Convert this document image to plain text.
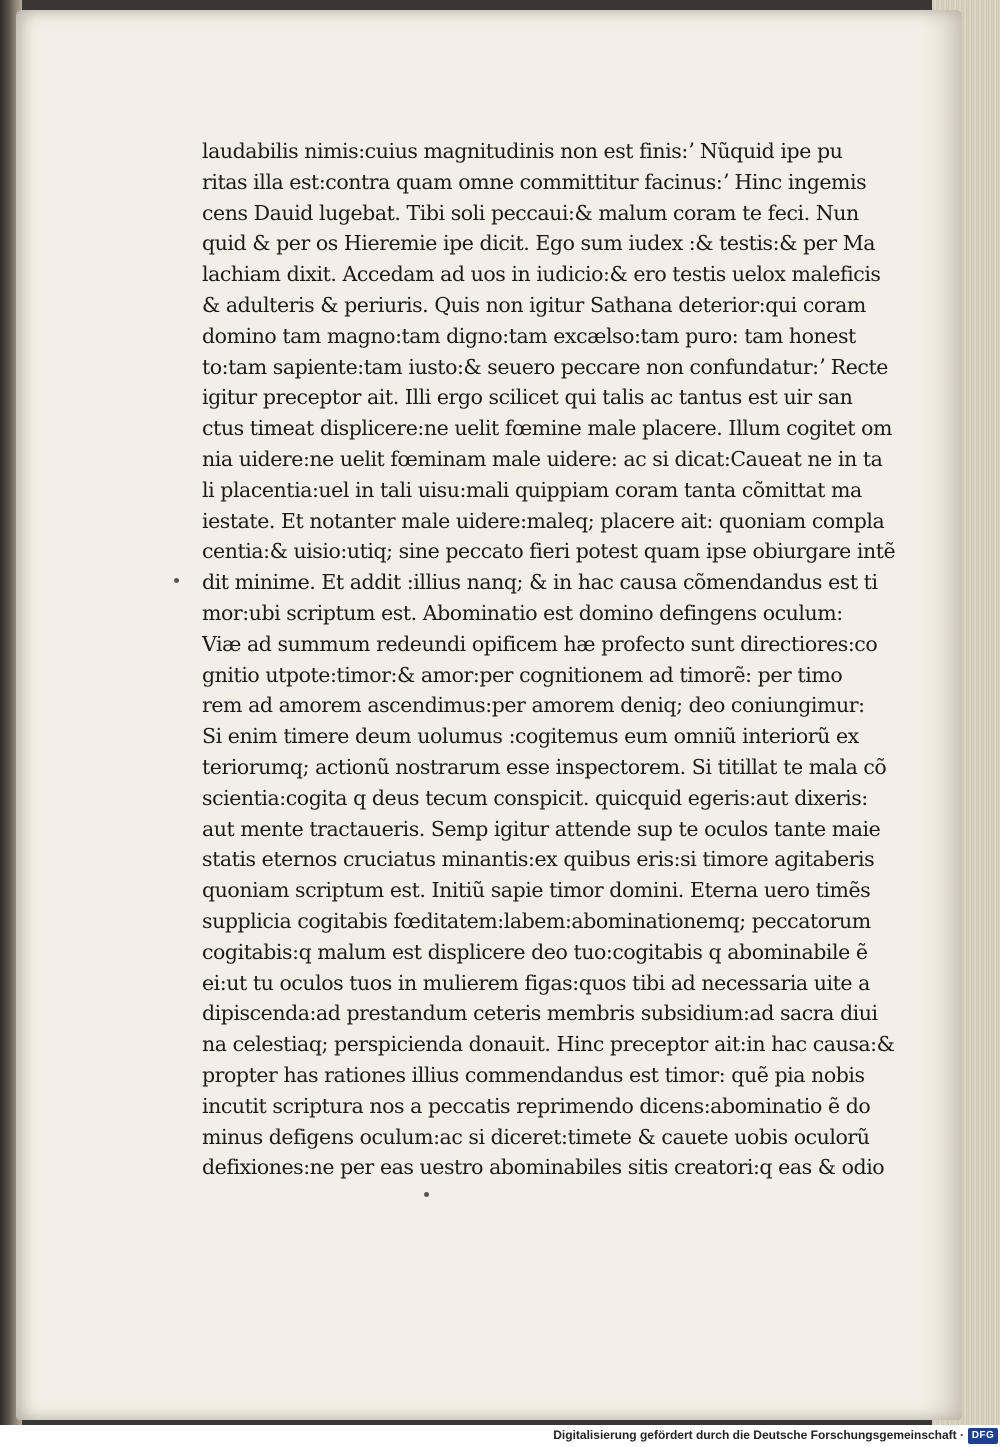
laudabilis nimis:cuius magnitudinis non est finis:ʼ Nũquid ipe pu
ritas illa est:contra quam omne committitur facinus:ʼ Hinc ingemis
cens Dauid lugebat. Tibi soli peccaui:& malum coram te feci. Nun
quid & per os Hieremie ipe dicit. Ego sum iudex :& testis:& per Ma
lachiam dixit. Accedam ad uos in iudicio:& ero testis uelox maleficis
& adulteris & periuris. Quis non igitur Sathana deterior:qui coram
domino tam magno:tam digno:tam excælso:tam puro: tam honest
to:tam sapiente:tam iusto:& seuero peccare non confundatur:ʼ Recte
igitur preceptor ait. Illi ergo scilicet qui talis ac tantus est uir san
ctus timeat displicere:ne uelit fœmine male placere. Illum cogitet om
nia uidere:ne uelit fœminam male uidere: ac si dicat:Caueat ne in ta
li placentia:uel in tali uisu:mali quippiam coram tanta cõmittat ma
iestate. Et notanter male uidere:maleq; placere ait: quoniam compla
centia:& uisio:utiq; sine peccato fieri potest quam ipse obiurgare intẽ
dit minime. Et addit :illius nanq; & in hac causa cõmendandus est ti
mor:ubi scriptum est. Abominatio est domino defingens oculum:
Viæ ad summum redeundi opificem hæ profecto sunt directiores:co
gnitio utpote:timor:& amor:per cognitionem ad timorẽ: per timo
rem ad amorem ascendimus:per amorem deniq; deo coniungimur:
Si enim timere deum uolumus :cogitemus eum omniũ interiorũ ex
teriorumq; actionũ nostrarum esse inspectorem. Si titillat te mala cõ
scientia:cogita q deus tecum conspicit. quicquid egeris:aut dixeris:
aut mente tractaueris. Semp igitur attende sup te oculos tante maie
statis eternos cruciatus minantis:ex quibus eris:si timore agitaberis
quoniam scriptum est. Initiũ sapie timor domini. Eterna uero timẽs
supplicia cogitabis fœditatem:labem:abominationemq; peccatorum
cogitabis:q malum est displicere deo tuo:cogitabis q abominabile ẽ
ei:ut tu oculos tuos in mulierem figas:quos tibi ad necessaria uite a
dipiscenda:ad prestandum ceteris membris subsidium:ad sacra diui
na celestiaq; perspicienda donauit. Hinc preceptor ait:in hac causa:&
propter has rationes illius commendandus est timor: quẽ pia nobis
incutit scriptura nos a peccatis reprimendo dicens:abominatio ẽ do
minus defigens oculum:ac si diceret:timete & cauete uobis oculorũ
defixiones:ne per eas uestro abominabiles sitis creatori:q eas & odio
Digitalisierung gefördert durch die Deutsche Forschungsgemeinschaft · DFG
